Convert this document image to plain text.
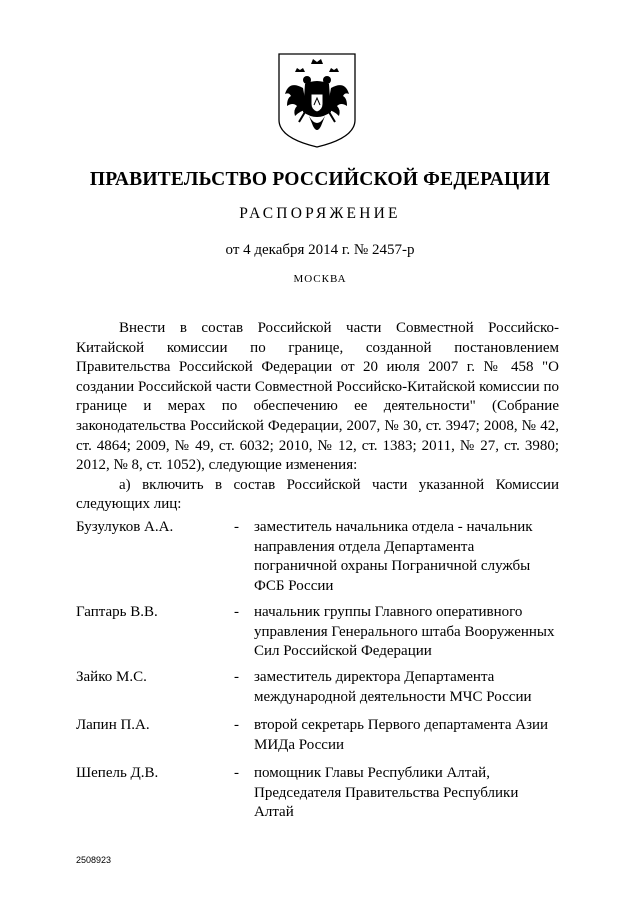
ПРАВИТЕЛЬСТВО РОССИЙСКОЙ ФЕДЕРАЦИИ
РАСПОРЯЖЕНИЕ
от 4 декабря 2014 г. № 2457-р
МОСКВА

Внести в состав Российской части Совместной Российско-Китайской комиссии по границе, созданной постановлением Правительства Российской Федерации от 20 июля 2007 г. № 458 "О создании Российской части Совместной Российско-Китайской комиссии по границе и мерах по обеспечению ее деятельности" (Собрание законодательства Российской Федерации, 2007, № 30, ст. 3947; 2008, № 42, ст. 4864; 2009, № 49, ст. 6032; 2010, № 12, ст. 1383; 2011, № 27, ст. 3980; 2012, № 8, ст. 1052), следующие изменения:

а) включить в состав Российской части указанной Комиссии следующих лиц:

Бузулуков А.А.	- заместитель начальника отдела - начальник
направления отдела Департамента
пограничной охраны Пограничной службы
ФСБ России
Гаптарь В.В.	- начальник группы Главного оперативного
управления Генерального штаба Вооруженных
Сил Российской Федерации
Зайко М.С.	- заместитель директора Департамента
международной деятельности МЧС России
Лапин П.А.	- второй секретарь Первого департамента Азии
МИДа России
Шепель Д.В.	- помощник Главы Республики Алтай,
Председателя Правительства Республики
Алтай
2508923
